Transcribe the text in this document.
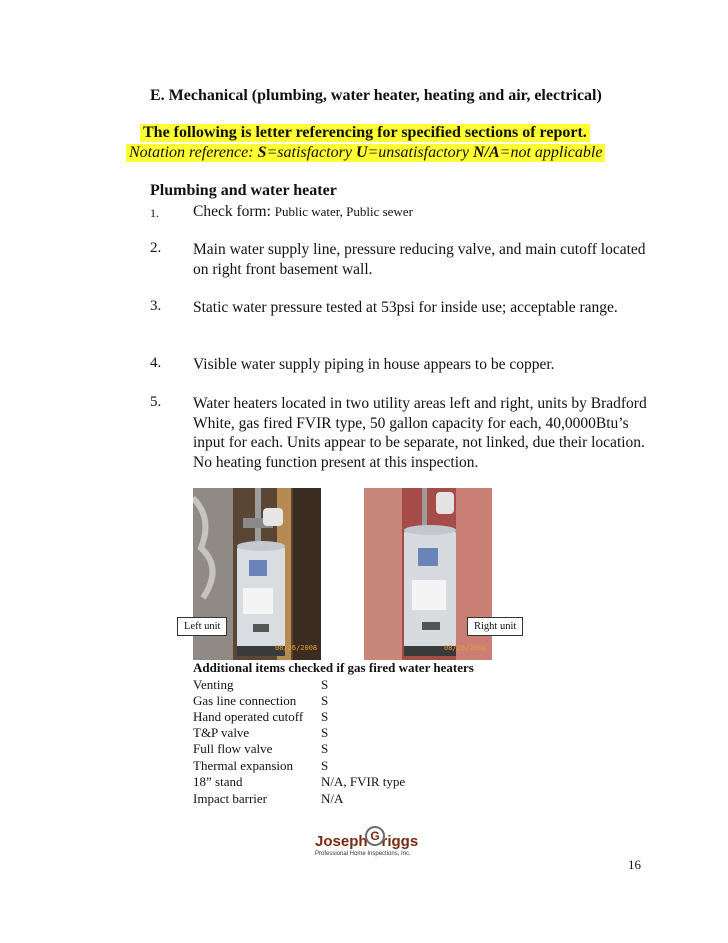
E. Mechanical (plumbing, water heater, heating and air, electrical)
The following is letter referencing for specified sections of report.
Notation reference: S=satisfactory U=unsatisfactory N/A=not applicable
Plumbing and water heater
1. Check form: Public water, Public sewer
2. Main water supply line, pressure reducing valve, and main cutoff located on right front basement wall.
3. Static water pressure tested at 53psi for inside use; acceptable range.
4. Visible water supply piping in house appears to be copper.
5. Water heaters located in two utility areas left and right, units by Bradford White, gas fired FVIR type, 50 gallon capacity for each, 40,0000Btu’s input for each. Units appear to be separate, not linked, due their location. No heating function present at this inspection.
08/26/2008	08/26/2008
Left unit	Right unit
Additional items checked if gas fired water heaters
Venting	S
Gas line connection S
Hand operated cutoff S
T&P valve	S
Full flow valve	S
Thermal expansion S
18” stand	N/A, FVIR type
Impact barrier	N/A
Joseph riggs
G
Professional Home Inspections, Inc.
16
